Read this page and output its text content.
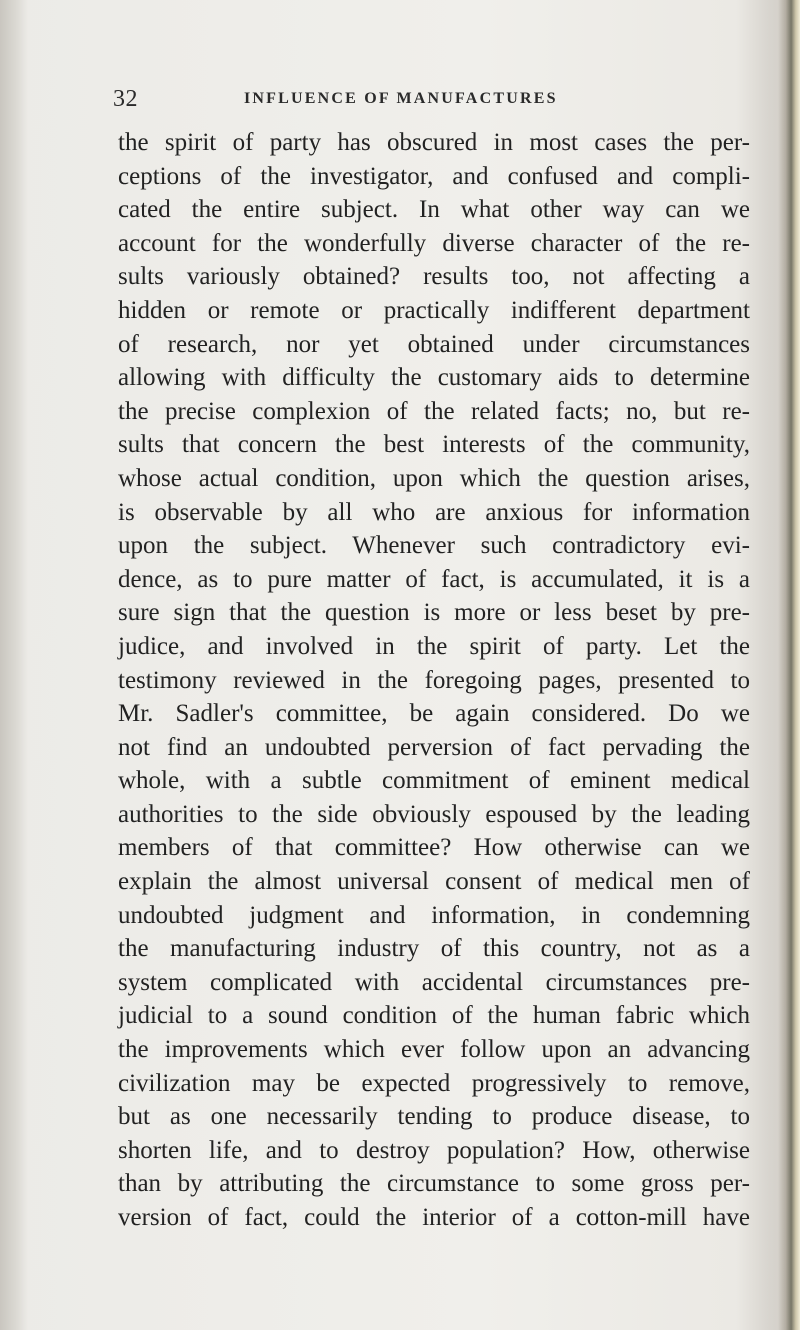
32	INFLUENCE OF MANUFACTURES
the spirit of party has obscured in most cases the per-
ceptions of the investigator, and confused and compli-
cated the entire subject. In what other way can we
account for the wonderfully diverse character of the re-
sults variously obtained? results too, not affecting a
hidden or remote or practically indifferent department
of research, nor yet obtained under circumstances
allowing with difficulty the customary aids to determine
the precise complexion of the related facts; no, but re-
sults that concern the best interests of the community,
whose actual condition, upon which the question arises,
is observable by all who are anxious for information
upon the subject. Whenever such contradictory evi-
dence, as to pure matter of fact, is accumulated, it is a
sure sign that the question is more or less beset by pre-
judice, and involved in the spirit of party. Let the
testimony reviewed in the foregoing pages, presented to
Mr. Sadler's committee, be again considered. Do we
not find an undoubted perversion of fact pervading the
whole, with a subtle commitment of eminent medical
authorities to the side obviously espoused by the leading
members of that committee? How otherwise can we
explain the almost universal consent of medical men of
undoubted judgment and information, in condemning
the manufacturing industry of this country, not as a
system complicated with accidental circumstances pre-
judicial to a sound condition of the human fabric which
the improvements which ever follow upon an advancing
civilization may be expected progressively to remove,
but as one necessarily tending to produce disease, to
shorten life, and to destroy population? How, otherwise
than by attributing the circumstance to some gross per-
version of fact, could the interior of a cotton-mill have
